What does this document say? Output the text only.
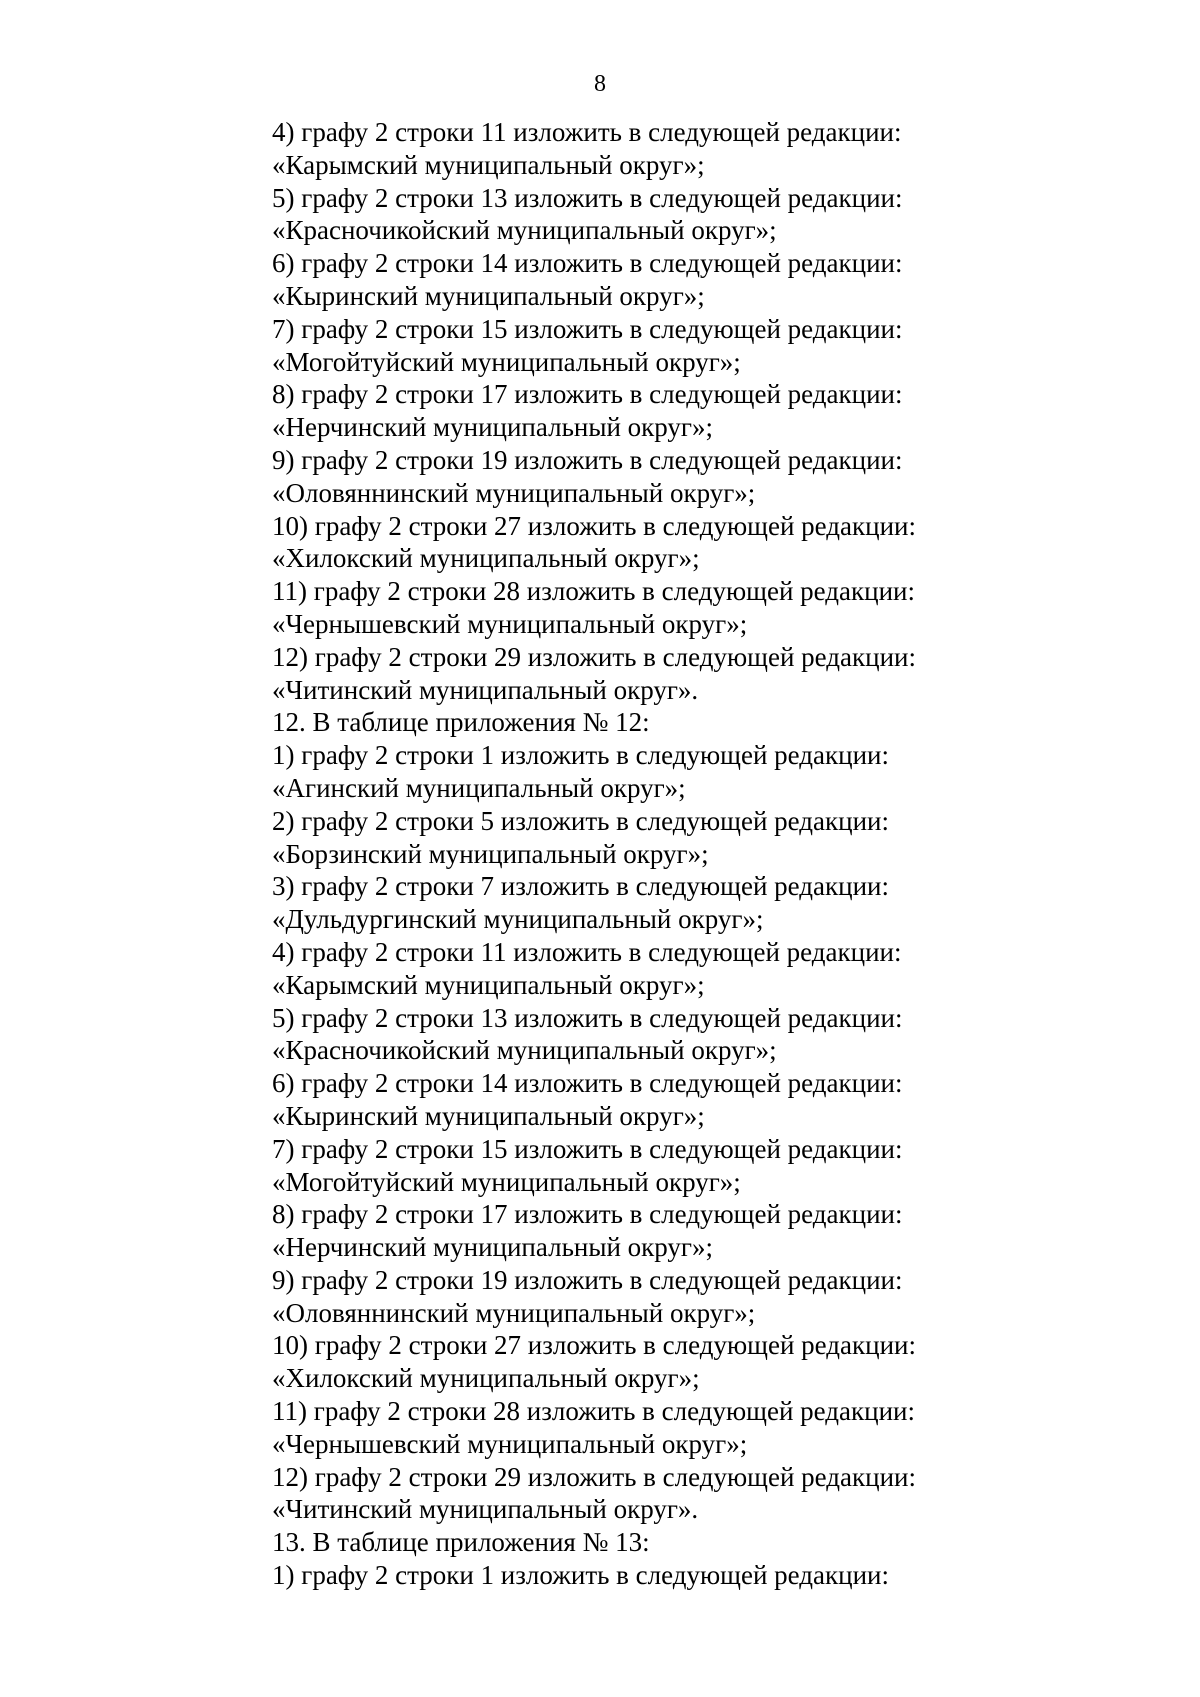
8
4) графу 2 строки 11 изложить в следующей редакции:
«Карымский муниципальный округ»;
5) графу 2 строки 13 изложить в следующей редакции:
«Красночикойский муниципальный округ»;
6) графу 2 строки 14 изложить в следующей редакции:
«Кыринский муниципальный округ»;
7) графу 2 строки 15 изложить в следующей редакции:
«Могойтуйский муниципальный округ»;
8) графу 2 строки 17 изложить в следующей редакции:
«Нерчинский муниципальный округ»;
9) графу 2 строки 19 изложить в следующей редакции:
«Оловяннинский муниципальный округ»;
10) графу 2 строки 27 изложить в следующей редакции:
«Хилокский муниципальный округ»;
11) графу 2 строки 28 изложить в следующей редакции:
«Чернышевский муниципальный округ»;
12) графу 2 строки 29 изложить в следующей редакции:
«Читинский муниципальный округ».
12. В таблице приложения № 12:
1) графу 2 строки 1 изложить в следующей редакции:
«Агинский муниципальный округ»;
2) графу 2 строки 5 изложить в следующей редакции:
«Борзинский муниципальный округ»;
3) графу 2 строки 7 изложить в следующей редакции:
«Дульдургинский муниципальный округ»;
4) графу 2 строки 11 изложить в следующей редакции:
«Карымский муниципальный округ»;
5) графу 2 строки 13 изложить в следующей редакции:
«Красночикойский муниципальный округ»;
6) графу 2 строки 14 изложить в следующей редакции:
«Кыринский муниципальный округ»;
7) графу 2 строки 15 изложить в следующей редакции:
«Могойтуйский муниципальный округ»;
8) графу 2 строки 17 изложить в следующей редакции:
«Нерчинский муниципальный округ»;
9) графу 2 строки 19 изложить в следующей редакции:
«Оловяннинский муниципальный округ»;
10) графу 2 строки 27 изложить в следующей редакции:
«Хилокский муниципальный округ»;
11) графу 2 строки 28 изложить в следующей редакции:
«Чернышевский муниципальный округ»;
12) графу 2 строки 29 изложить в следующей редакции:
«Читинский муниципальный округ».
13. В таблице приложения № 13:
1) графу 2 строки 1 изложить в следующей редакции:
